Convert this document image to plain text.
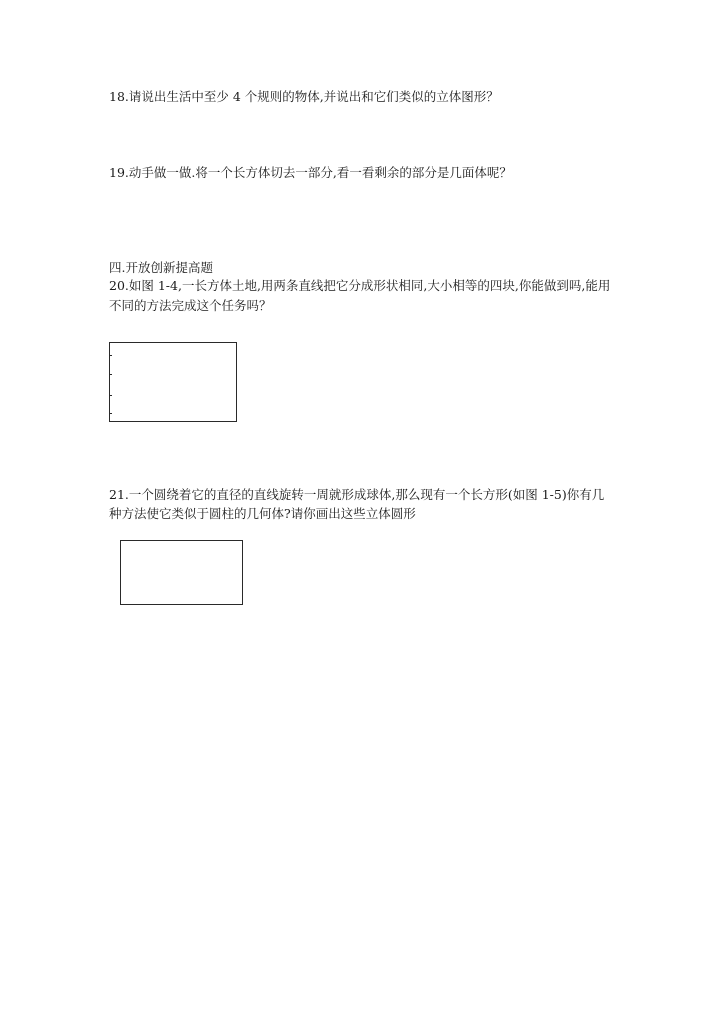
18.请说出生活中至少 4 个规则的物体,并说出和它们类似的立体图形？
19.动手做一做.将一个长方体切去一部分,看一看剩余的部分是几面体呢？
四.开放创新提高题
20.如图 1-4,一长方体土地,用两条直线把它分成形状相同,大小相等的四块,你能做到吗,能用
不同的方法完成这个任务吗？
21.一个圆绕着它的直径的直线旋转一周就形成球体,那么现有一个长方形(如图 1-5)你有几
种方法使它类似于圆柱的几何体?请你画出这些立体圆形
